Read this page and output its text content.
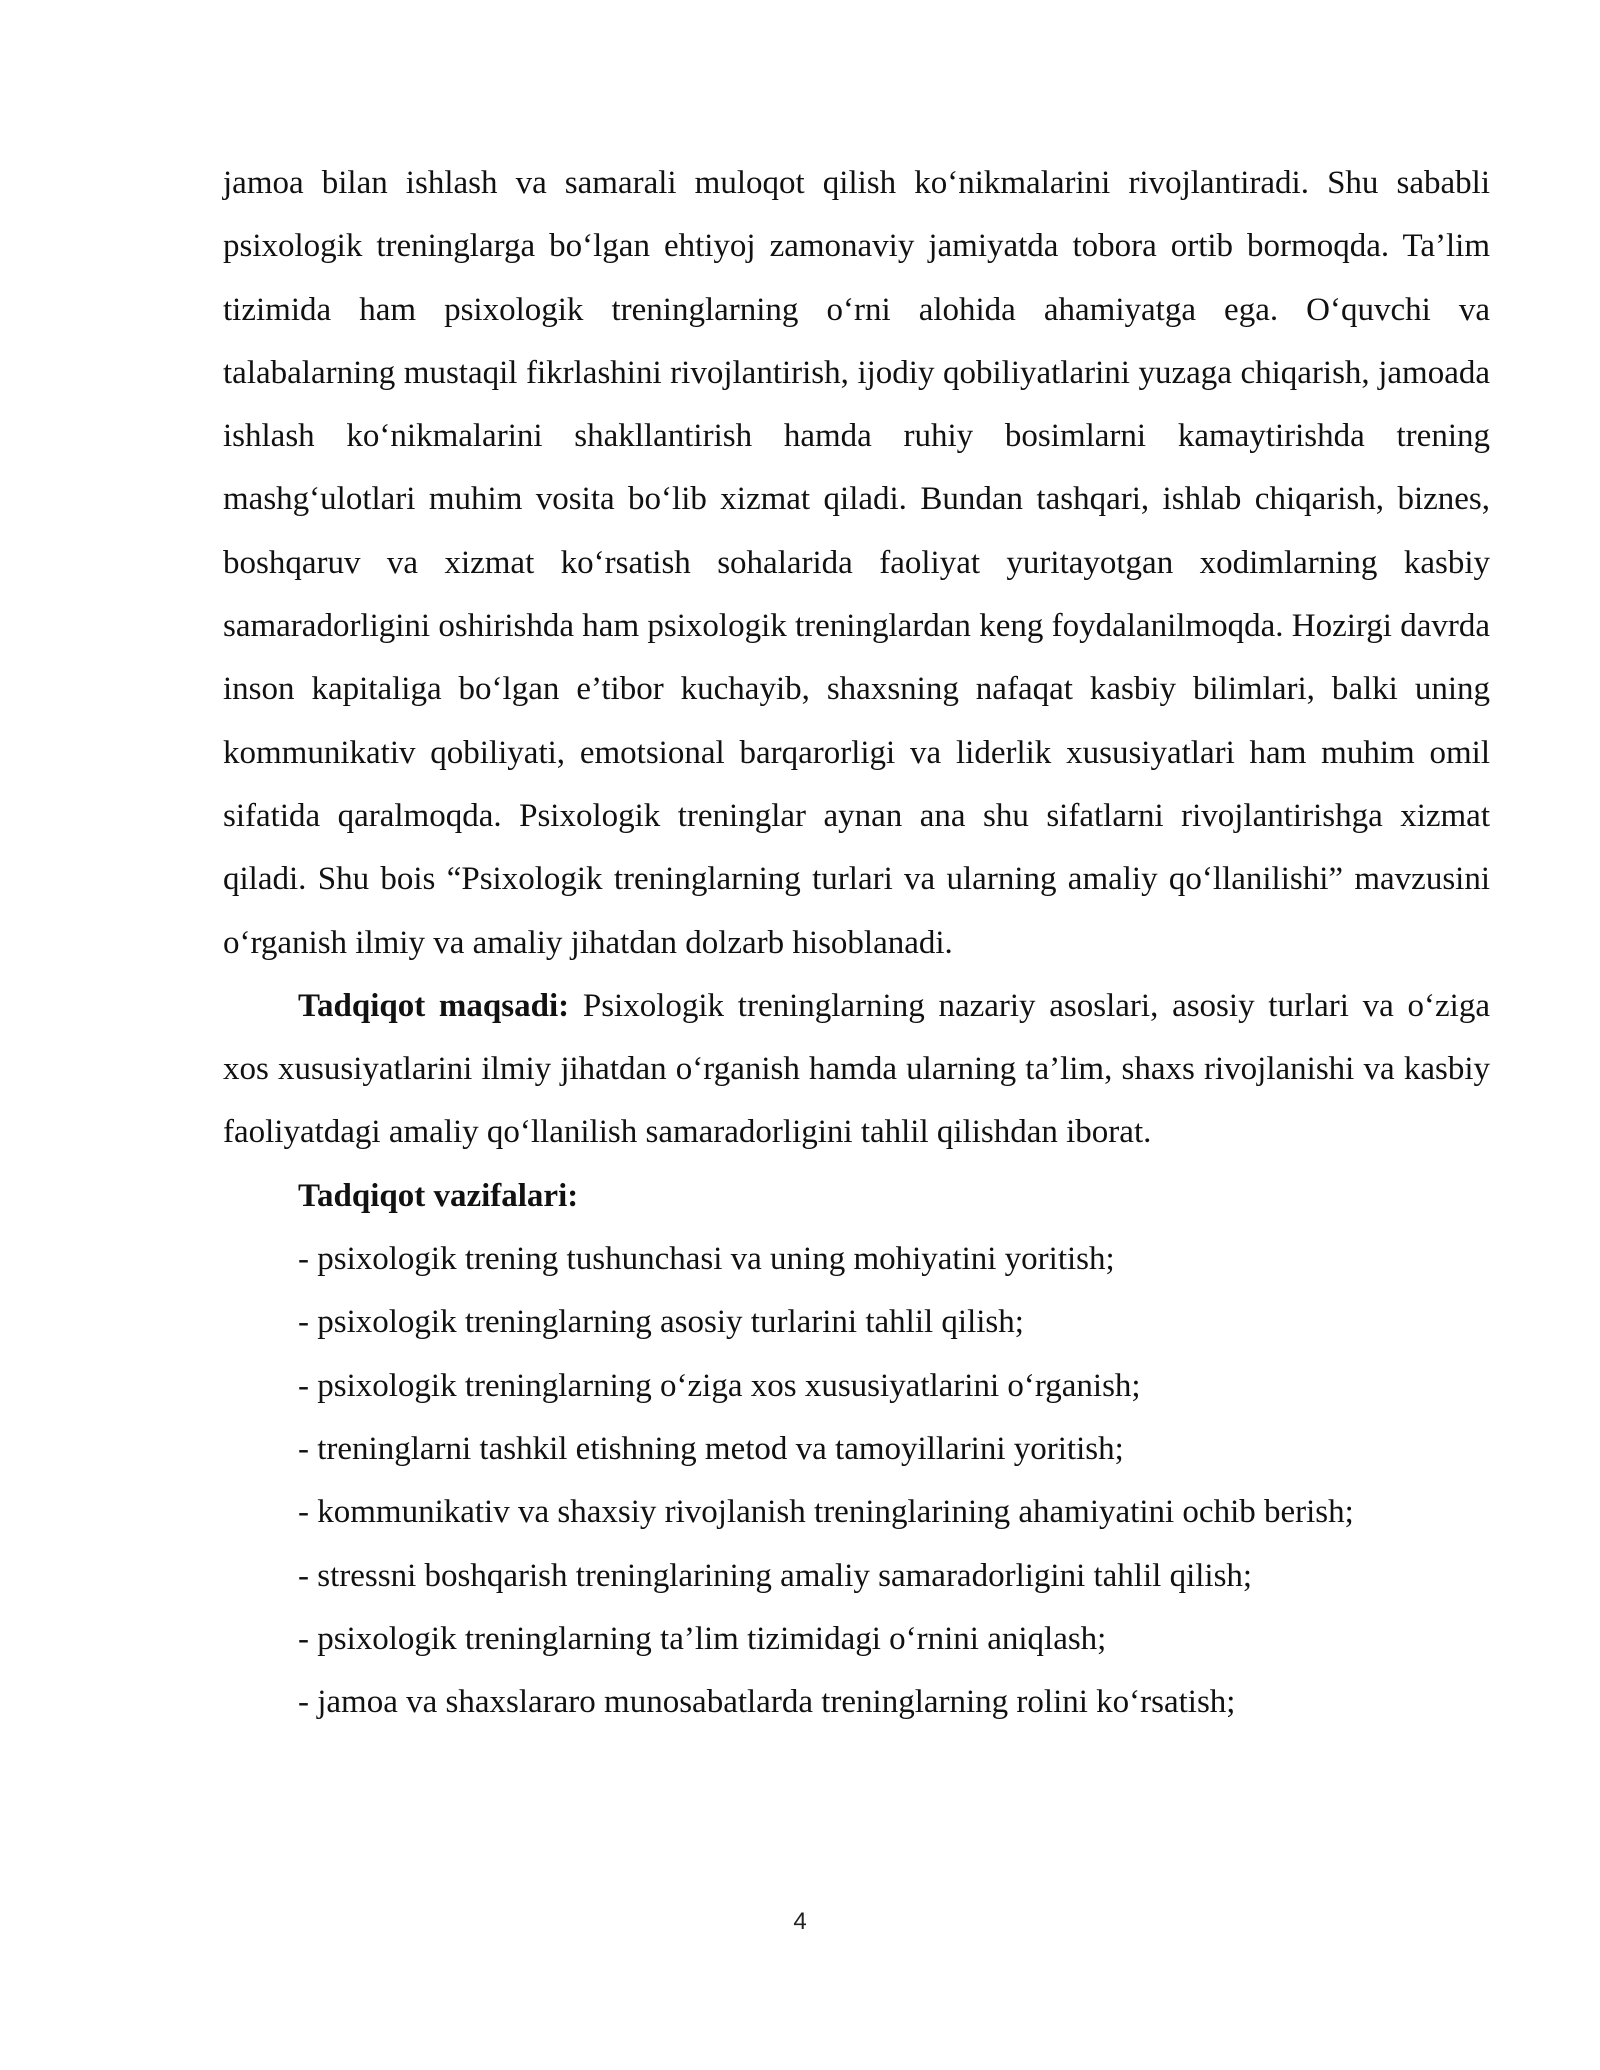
jamoa bilan ishlash va samarali muloqot qilish ko‘nikmalarini rivojlantiradi. Shu sababli psixologik treninglarga bo‘lgan ehtiyoj zamonaviy jamiyatda tobora ortib bormoqda. Ta’lim tizimida ham psixologik treninglarning o‘rni alohida ahamiyatga ega. O‘quvchi va talabalarning mustaqil fikrlashini rivojlantirish, ijodiy qobiliyatlarini yuzaga chiqarish, jamoada ishlash ko‘nikmalarini shakllantirish hamda ruhiy bosimlarni kamaytirishda trening mashg‘ulotlari muhim vosita bo‘lib xizmat qiladi. Bundan tashqari, ishlab chiqarish, biznes, boshqaruv va xizmat ko‘rsatish sohalarida faoliyat yuritayotgan xodimlarning kasbiy samaradorligini oshirishda ham psixologik treninglardan keng foydalanilmoqda. Hozirgi davrda inson kapitaliga bo‘lgan e’tibor kuchayib, shaxsning nafaqat kasbiy bilimlari, balki uning kommunikativ qobiliyati, emotsional barqarorligi va liderlik xususiyatlari ham muhim omil sifatida qaralmoqda. Psixologik treninglar aynan ana shu sifatlarni rivojlantirishga xizmat qiladi. Shu bois “Psixologik treninglarning turlari va ularning amaliy qo‘llanilishi” mavzusini o‘rganish ilmiy va amaliy jihatdan dolzarb hisoblanadi.

Tadqiqot maqsadi: Psixologik treninglarning nazariy asoslari, asosiy turlari va o‘ziga xos xususiyatlarini ilmiy jihatdan o‘rganish hamda ularning ta’lim, shaxs rivojlanishi va kasbiy faoliyatdagi amaliy qo‘llanilish samaradorligini tahlil qilishdan iborat.

Tadqiqot vazifalari:

- psixologik trening tushunchasi va uning mohiyatini yoritish;
- psixologik treninglarning asosiy turlarini tahlil qilish;
- psixologik treninglarning o‘ziga xos xususiyatlarini o‘rganish;
- treninglarni tashkil etishning metod va tamoyillarini yoritish;
- kommunikativ va shaxsiy rivojlanish treninglarining ahamiyatini ochib berish;
- stressni boshqarish treninglarining amaliy samaradorligini tahlil qilish;
- psixologik treninglarning ta’lim tizimidagi o‘rnini aniqlash;
- jamoa va shaxslararo munosabatlarda treninglarning rolini ko‘rsatish;
4
